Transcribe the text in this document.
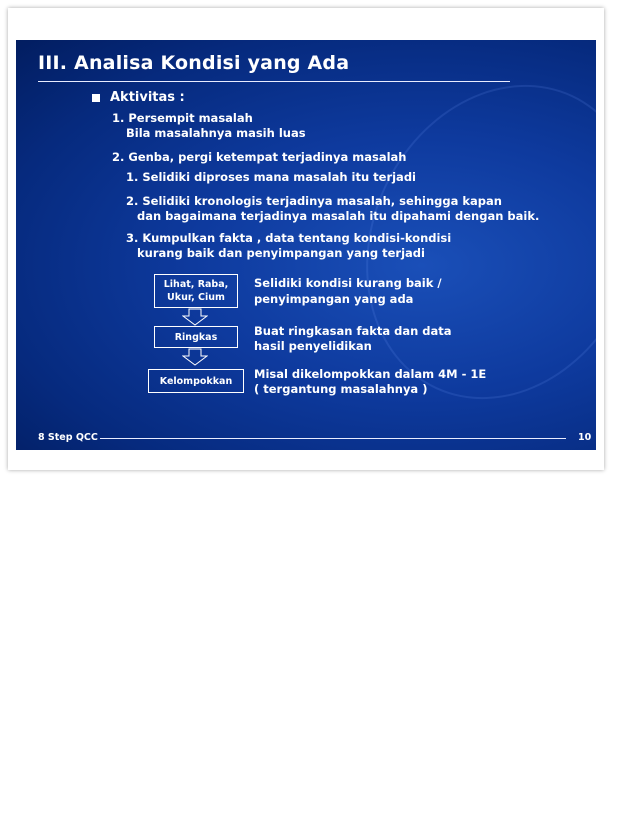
III. Analisa Kondisi yang Ada
Aktivitas :
1. Persempit masalah
Bila masalahnya masih luas
2. Genba, pergi ketempat terjadinya masalah
1. Selidiki diproses mana masalah itu terjadi
2. Selidiki kronologis terjadinya masalah, sehingga kapan
dan bagaimana terjadinya masalah itu dipahami dengan baik.
3. Kumpulkan fakta , data tentang kondisi-kondisi
kurang baik dan penyimpangan yang terjadi
Lihat, Raba,
Ukur, Cium
Ringkas
Kelompokkan
Selidiki kondisi kurang baik /
penyimpangan yang ada
Buat ringkasan fakta dan data
hasil penyelidikan
Misal dikelompokkan dalam 4M - 1E
( tergantung masalahnya )
8 Step QCC	10
